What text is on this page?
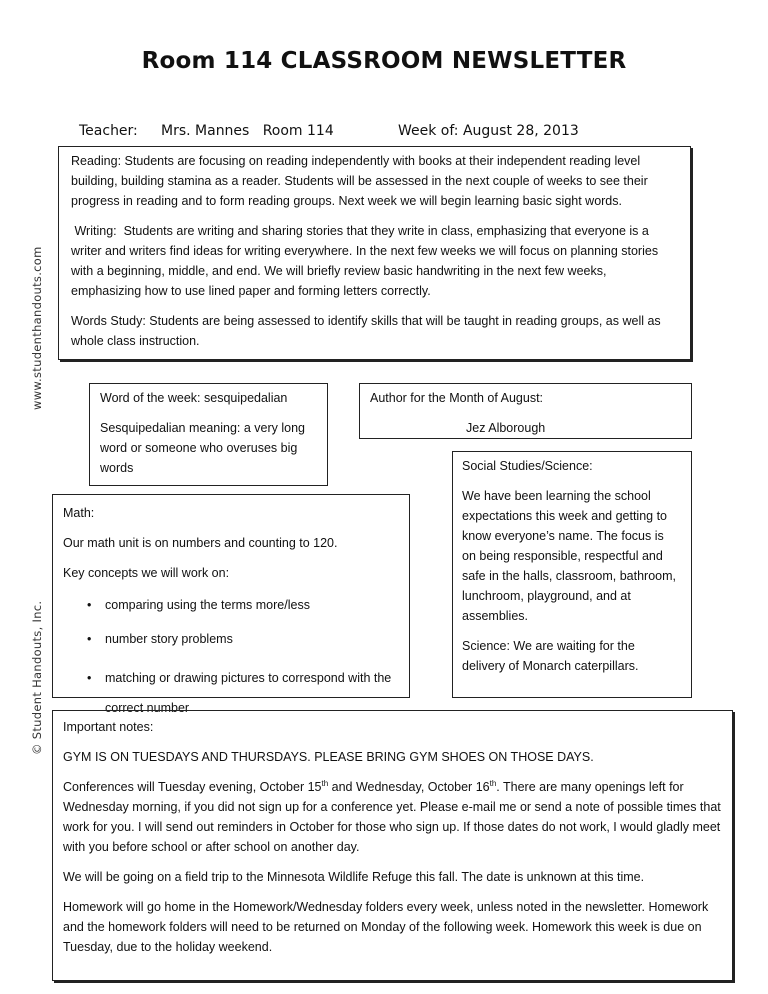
Room 114 CLASSROOM NEWSLETTER
www.studenthandouts.com
© Student Handouts, Inc.
Teacher: Mrs. Mannes   Room 114	Week of: August 28, 2013

Reading: Students are focusing on reading independently with books at their independent reading level building, building stamina as a reader. Students will be assessed in the next couple of weeks to see their progress in reading and to form reading groups. Next week we will begin learning basic sight words.

Writing:  Students are writing and sharing stories that they write in class, emphasizing that everyone is a writer and writers find ideas for writing everywhere. In the next few weeks we will focus on planning stories with a beginning, middle, and end. We will briefly review basic handwriting in the next few weeks, emphasizing how to use lined paper and forming letters correctly.

Words Study: Students are being assessed to identify skills that will be taught in reading groups, as well as whole class instruction.

Word of the week: sesquipedalian

Sesquipedalian meaning: a very long word or someone who overuses big words

Author for the Month of August:

Jez Alborough

Social Studies/Science:

We have been learning the school expectations this week and getting to know everyone’s name. The focus is on being responsible, respectful and safe in the halls, classroom, bathroom, lunchroom, playground, and at assemblies.

Science: We are waiting for the delivery of Monarch caterpillars.

Math:

Our math unit is on numbers and counting to 120.

Key concepts we will work on:

• comparing using the terms more/less
• number story problems
• matching or drawing pictures to correspond with the correct number

Important notes:

GYM IS ON TUESDAYS AND THURSDAYS. PLEASE BRING GYM SHOES ON THOSE DAYS.

Conferences will Tuesday evening, October 15th and Wednesday, October 16th. There are many openings left for Wednesday morning, if you did not sign up for a conference yet. Please e-mail me or send a note of possible times that work for you. I will send out reminders in October for those who sign up. If those dates do not work, I would gladly meet with you before school or after school on another day.

We will be going on a field trip to the Minnesota Wildlife Refuge this fall. The date is unknown at this time.

Homework will go home in the Homework/Wednesday folders every week, unless noted in the newsletter. Homework and the homework folders will need to be returned on Monday of the following week. Homework this week is due on Tuesday, due to the holiday weekend.
